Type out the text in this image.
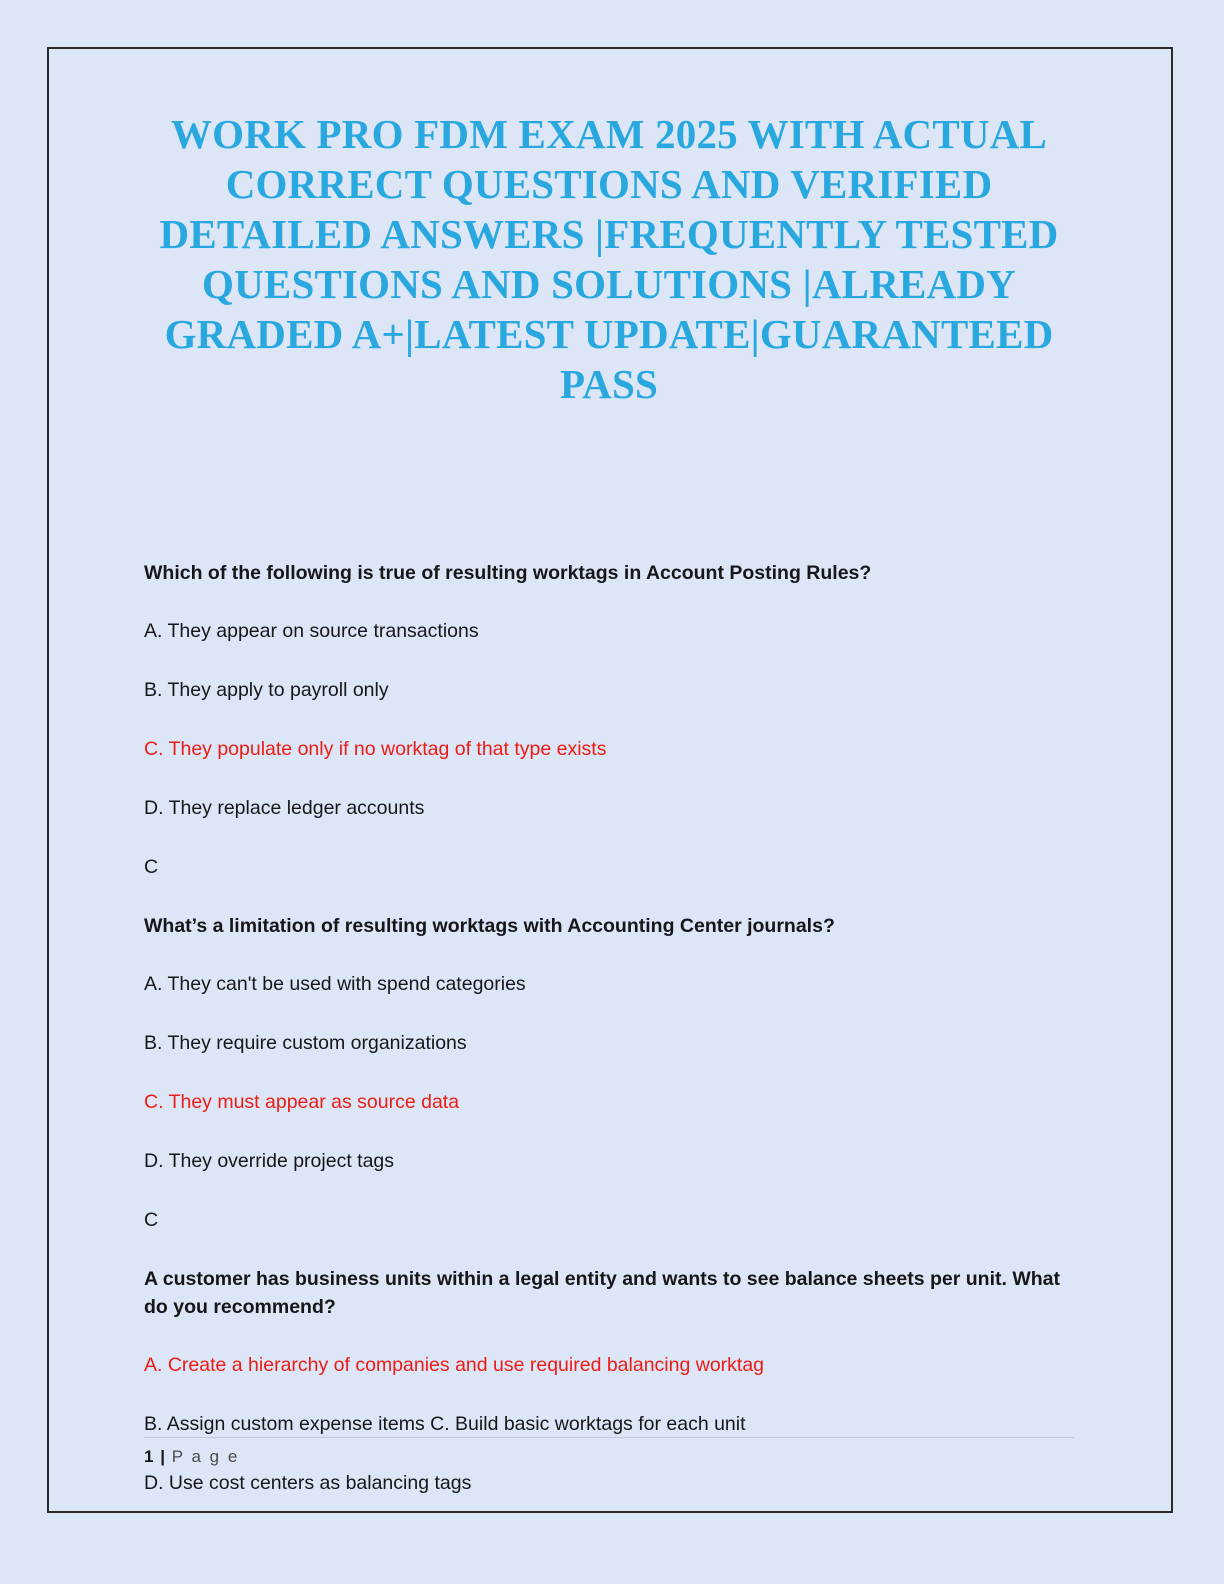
WORK PRO FDM EXAM 2025 WITH ACTUAL CORRECT QUESTIONS AND VERIFIED DETAILED ANSWERS |FREQUENTLY TESTED QUESTIONS AND SOLUTIONS |ALREADY GRADED A+|LATEST UPDATE|GUARANTEED PASS

Which of the following is true of resulting worktags in Account Posting Rules?

A. They appear on source transactions

B. They apply to payroll only

C. They populate only if no worktag of that type exists

D. They replace ledger accounts

C

What’s a limitation of resulting worktags with Accounting Center journals?

A. They can't be used with spend categories

B. They require custom organizations

C. They must appear as source data

D. They override project tags

C

A customer has business units within a legal entity and wants to see balance sheets per unit. What do you recommend?

A. Create a hierarchy of companies and use required balancing worktag

B. Assign custom expense items C. Build basic worktags for each unit

D. Use cost centers as balancing tags

1 | P a g e
